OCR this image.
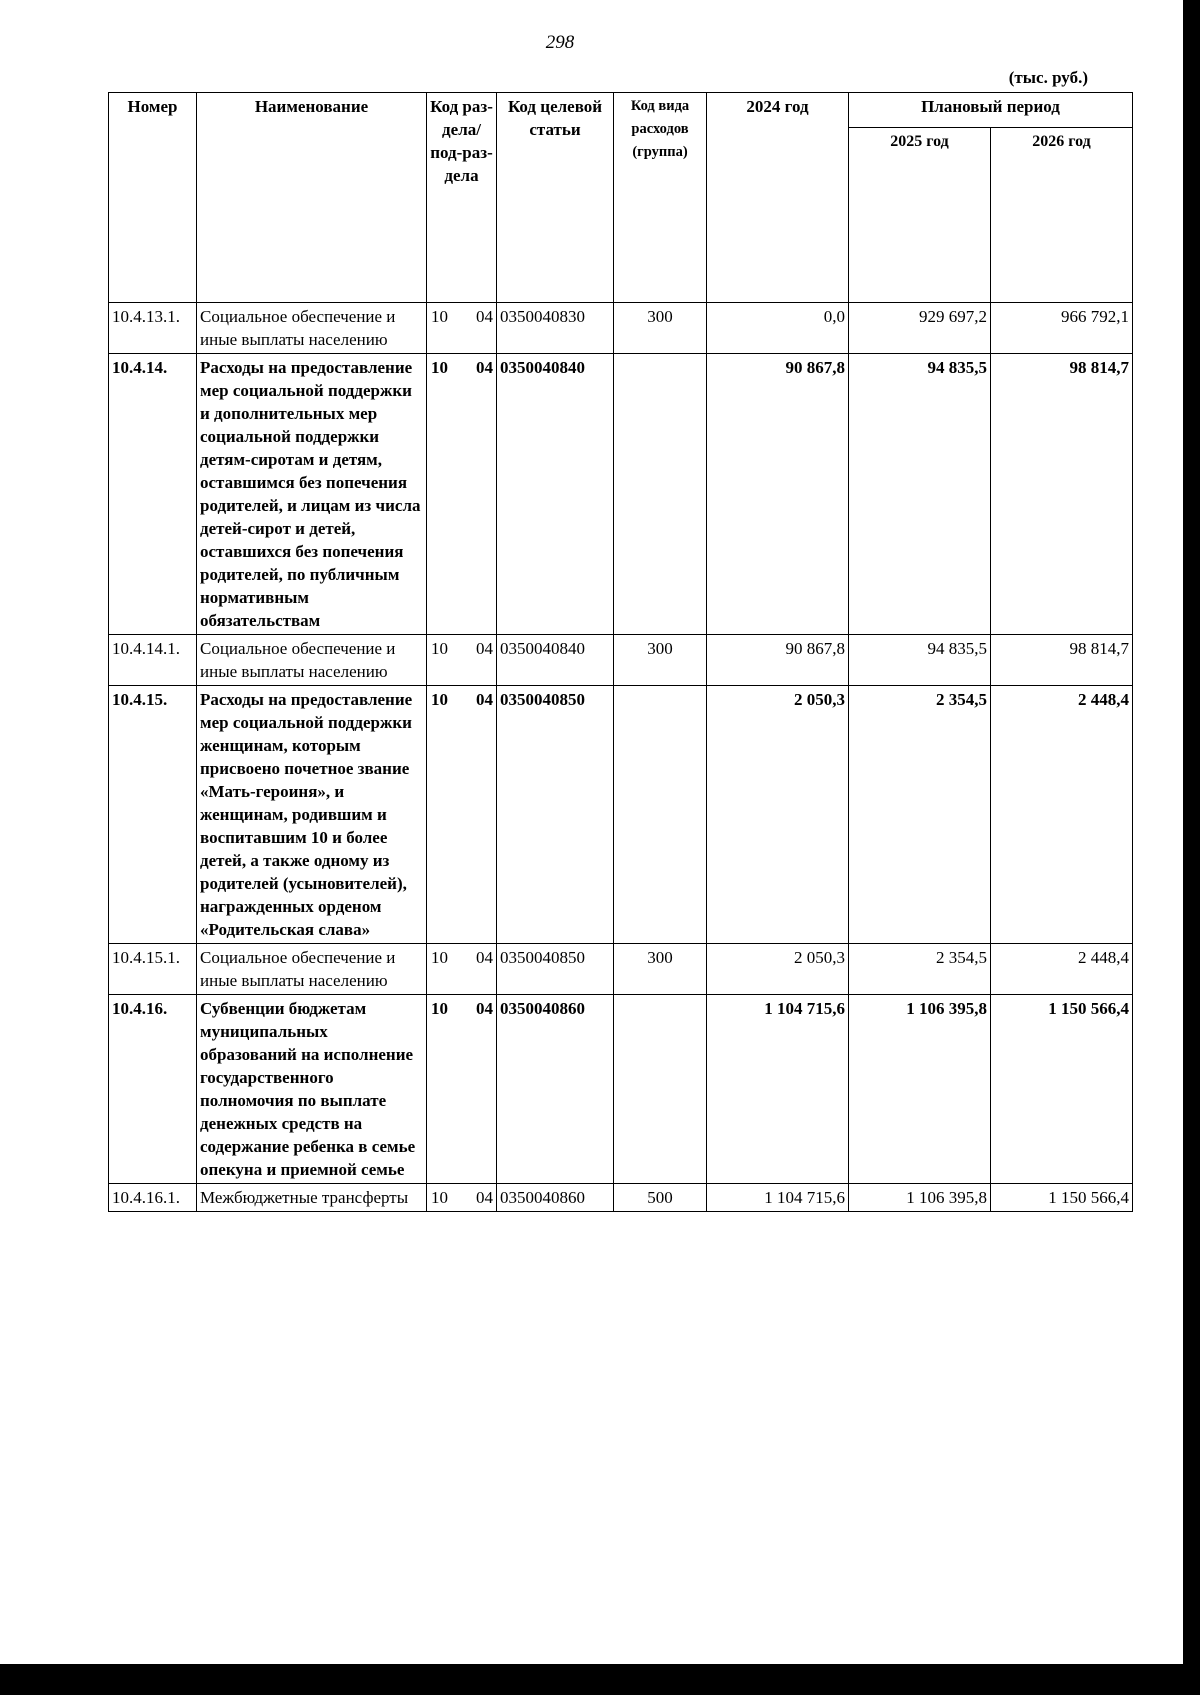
298
(тыс. руб.)
Номер	Наименование	Код раз-дела/ под-раз-дела	Код целевой статьи	Код вида расходов (группа)	2024 год	Плановый период	
						2025 год	2026 год
10.4.13.1.	Социальное обеспечение и иные выплаты населению	10 04	0350040830	300	0,0	929 697,2	966 792,1
10.4.14.	Расходы на предоставление мер социальной поддержки и дополнительных мер социальной поддержки детям-сиротам и детям, оставшимся без попечения родителей, и лицам из числа детей-сирот и детей, оставшихся без попечения родителей, по публичным нормативным обязательствам	10 04	0350040840		90 867,8	94 835,5	98 814,7
10.4.14.1.	Социальное обеспечение и иные выплаты населению	10 04	0350040840	300	90 867,8	94 835,5	98 814,7
10.4.15.	Расходы на предоставление мер социальной поддержки женщинам, которым присвоено почетное звание «Мать-героиня», и женщинам, родившим и воспитавшим 10 и более детей, а также одному из родителей (усыновителей), награжденных орденом «Родительская слава»	10 04	0350040850		2 050,3	2 354,5	2 448,4
10.4.15.1.	Социальное обеспечение и иные выплаты населению	10 04	0350040850	300	2 050,3	2 354,5	2 448,4
10.4.16.	Субвенции бюджетам муниципальных образований на исполнение государственного полномочия по выплате денежных средств на содержание ребенка в семье опекуна и приемной семье	10 04	0350040860		1 104 715,6	1 106 395,8	1 150 566,4
10.4.16.1.	Межбюджетные трансферты	10 04	0350040860	500	1 104 715,6	1 106 395,8	1 150 566,4
